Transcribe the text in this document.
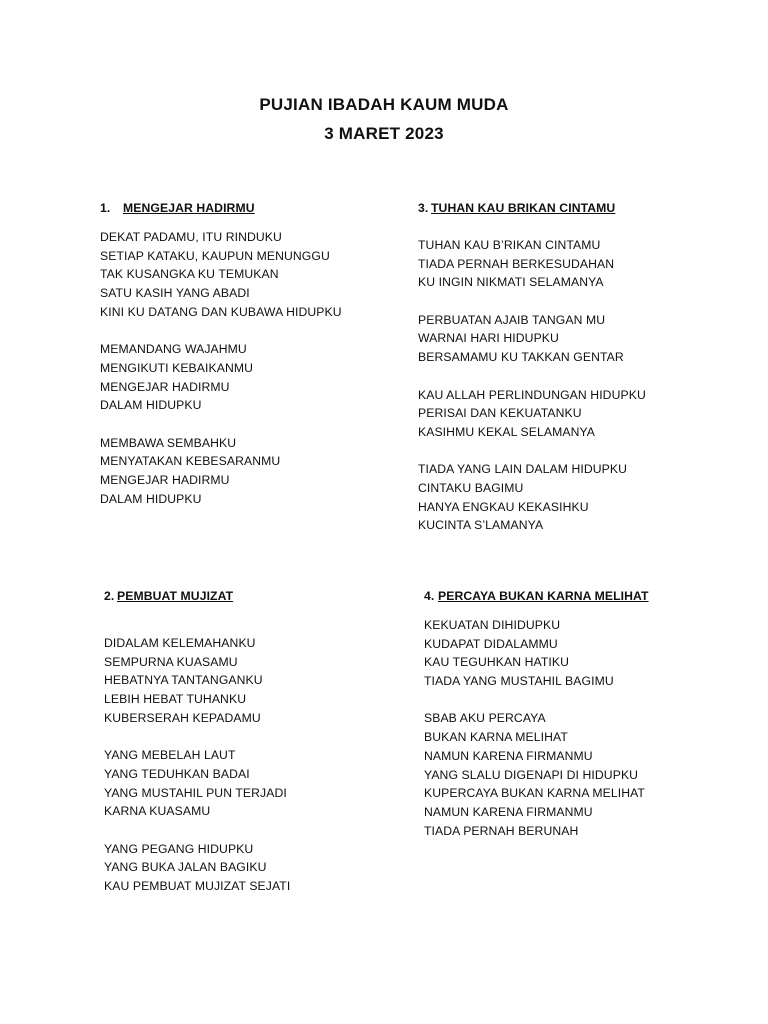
PUJIAN IBADAH KAUM MUDA
3 MARET 2023
1. MENGEJAR HADIRMU
DEKAT PADAMU, ITU RINDUKU
SETIAP KATAKU, KAUPUN MENUNGGU
TAK KUSANGKA KU TEMUKAN
SATU KASIH YANG ABADI
KINI KU DATANG DAN KUBAWA HIDUPKU
MEMANDANG WAJAHMU
MENGIKUTI KEBAIKANMU
MENGEJAR HADIRMU
DALAM HIDUPKU
MEMBAWA SEMBAHKU
MENYATAKAN KEBESARANMU
MENGEJAR HADIRMU
DALAM HIDUPKU
2. PEMBUAT MUJIZAT
DIDALAM KELEMAHANKU
SEMPURNA KUASAMU
HEBATNYA TANTANGANKU
LEBIH HEBAT TUHANKU
KUBERSERAH KEPADAMU
YANG MEBELAH LAUT
YANG TEDUHKAN BADAI
YANG MUSTAHIL PUN TERJADI
KARNA KUASAMU
YANG PEGANG HIDUPKU
YANG BUKA JALAN BAGIKU
KAU PEMBUAT MUJIZAT SEJATI
3. TUHAN KAU BRIKAN CINTAMU
TUHAN KAU B’RIKAN CINTAMU
TIADA PERNAH BERKESUDAHAN
KU INGIN NIKMATI SELAMANYA
PERBUATAN AJAIB TANGAN MU
WARNAI HARI HIDUPKU
BERSAMAMU KU TAKKAN GENTAR
KAU ALLAH PERLINDUNGAN HIDUPKU
PERISAI DAN KEKUATANKU
KASIHMU KEKAL SELAMANYA
TIADA YANG LAIN DALAM HIDUPKU
CINTAKU BAGIMU
HANYA ENGKAU KEKASIHKU
KUCINTA S’LAMANYA
4. PERCAYA BUKAN KARNA MELIHAT
KEKUATAN DIHIDUPKU
KUDAPAT DIDALAMMU
KAU TEGUHKAN HATIKU
TIADA YANG MUSTAHIL BAGIMU
SBAB AKU PERCAYA
BUKAN KARNA MELIHAT
NAMUN KARENA FIRMANMU
YANG SLALU DIGENAPI DI HIDUPKU
KUPERCAYA BUKAN KARNA MELIHAT
NAMUN KARENA FIRMANMU
TIADA PERNAH BERUNAH
